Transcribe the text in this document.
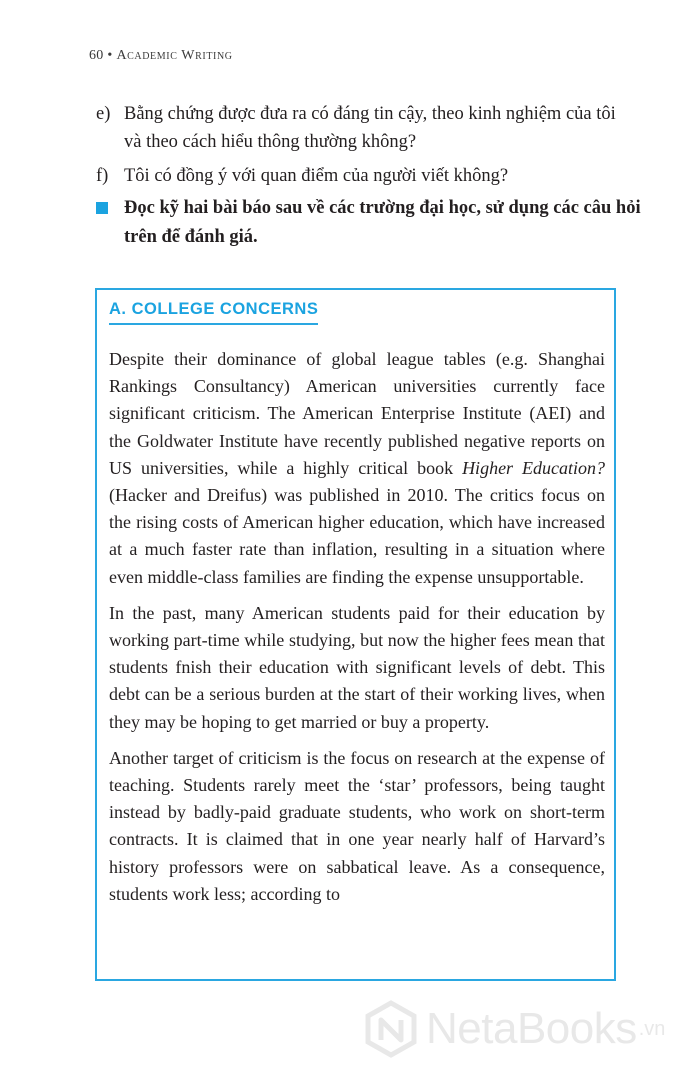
60 • Academic Writing
e) Bằng chứng được đưa ra có đáng tin cậy, theo kinh nghiệm của tôi và theo cách hiểu thông thường không?
f) Tôi có đồng ý với quan điểm của người viết không?
Đọc kỹ hai bài báo sau về các trường đại học, sử dụng các câu hỏi trên để đánh giá.
A. COLLEGE CONCERNS

Despite their dominance of global league tables (e.g. Shanghai Rankings Consultancy) American universities currently face significant criticism. The American Enterprise Institute (AEI) and the Goldwater Institute have recently published negative reports on US universities, while a highly critical book Higher Education? (Hacker and Dreifus) was published in 2010. The critics focus on the rising costs of American higher education, which have increased at a much faster rate than inflation, resulting in a situation where even middle-class families are finding the expense unsupportable.

In the past, many American students paid for their education by working part-time while studying, but now the higher fees mean that students fnish their education with significant levels of debt. This debt can be a serious burden at the start of their working lives, when they may be hoping to get married or buy a property.

Another target of criticism is the focus on research at the expense of teaching. Students rarely meet the ‘star’ professors, being taught instead by badly-paid graduate students, who work on short-term contracts. It is claimed that in one year nearly half of Harvard’s history professors were on sabbatical leave. As a consequence, students work less; according to

NetaBooks .vn
